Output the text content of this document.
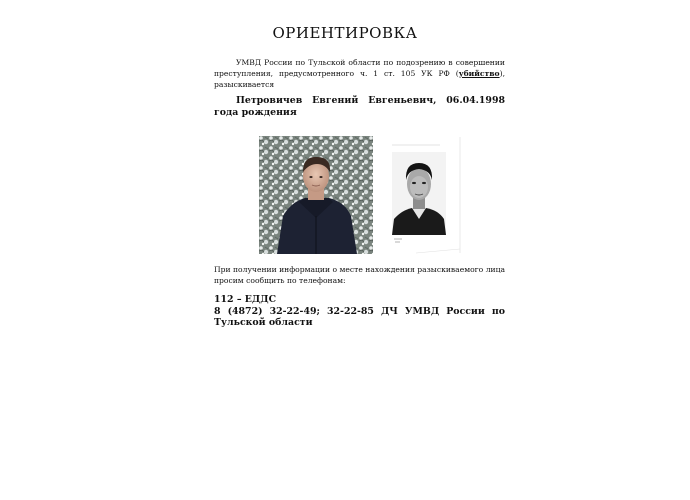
ОРИЕНТИРОВКА
УМВД России по Тульской области по подозрению в совершении преступления, предусмотренного ч. 1 ст. 105 УК РФ (убийство), разыскивается
Петровичев Евгений Евгеньевич, 06.04.1998 года рождения
При получении информации о месте нахождения разыскиваемого лица просим сообщить по телефонам:
112 – ЕДДС
8 (4872) 32-22-49; 32-22-85 ДЧ УМВД России по Тульской области
